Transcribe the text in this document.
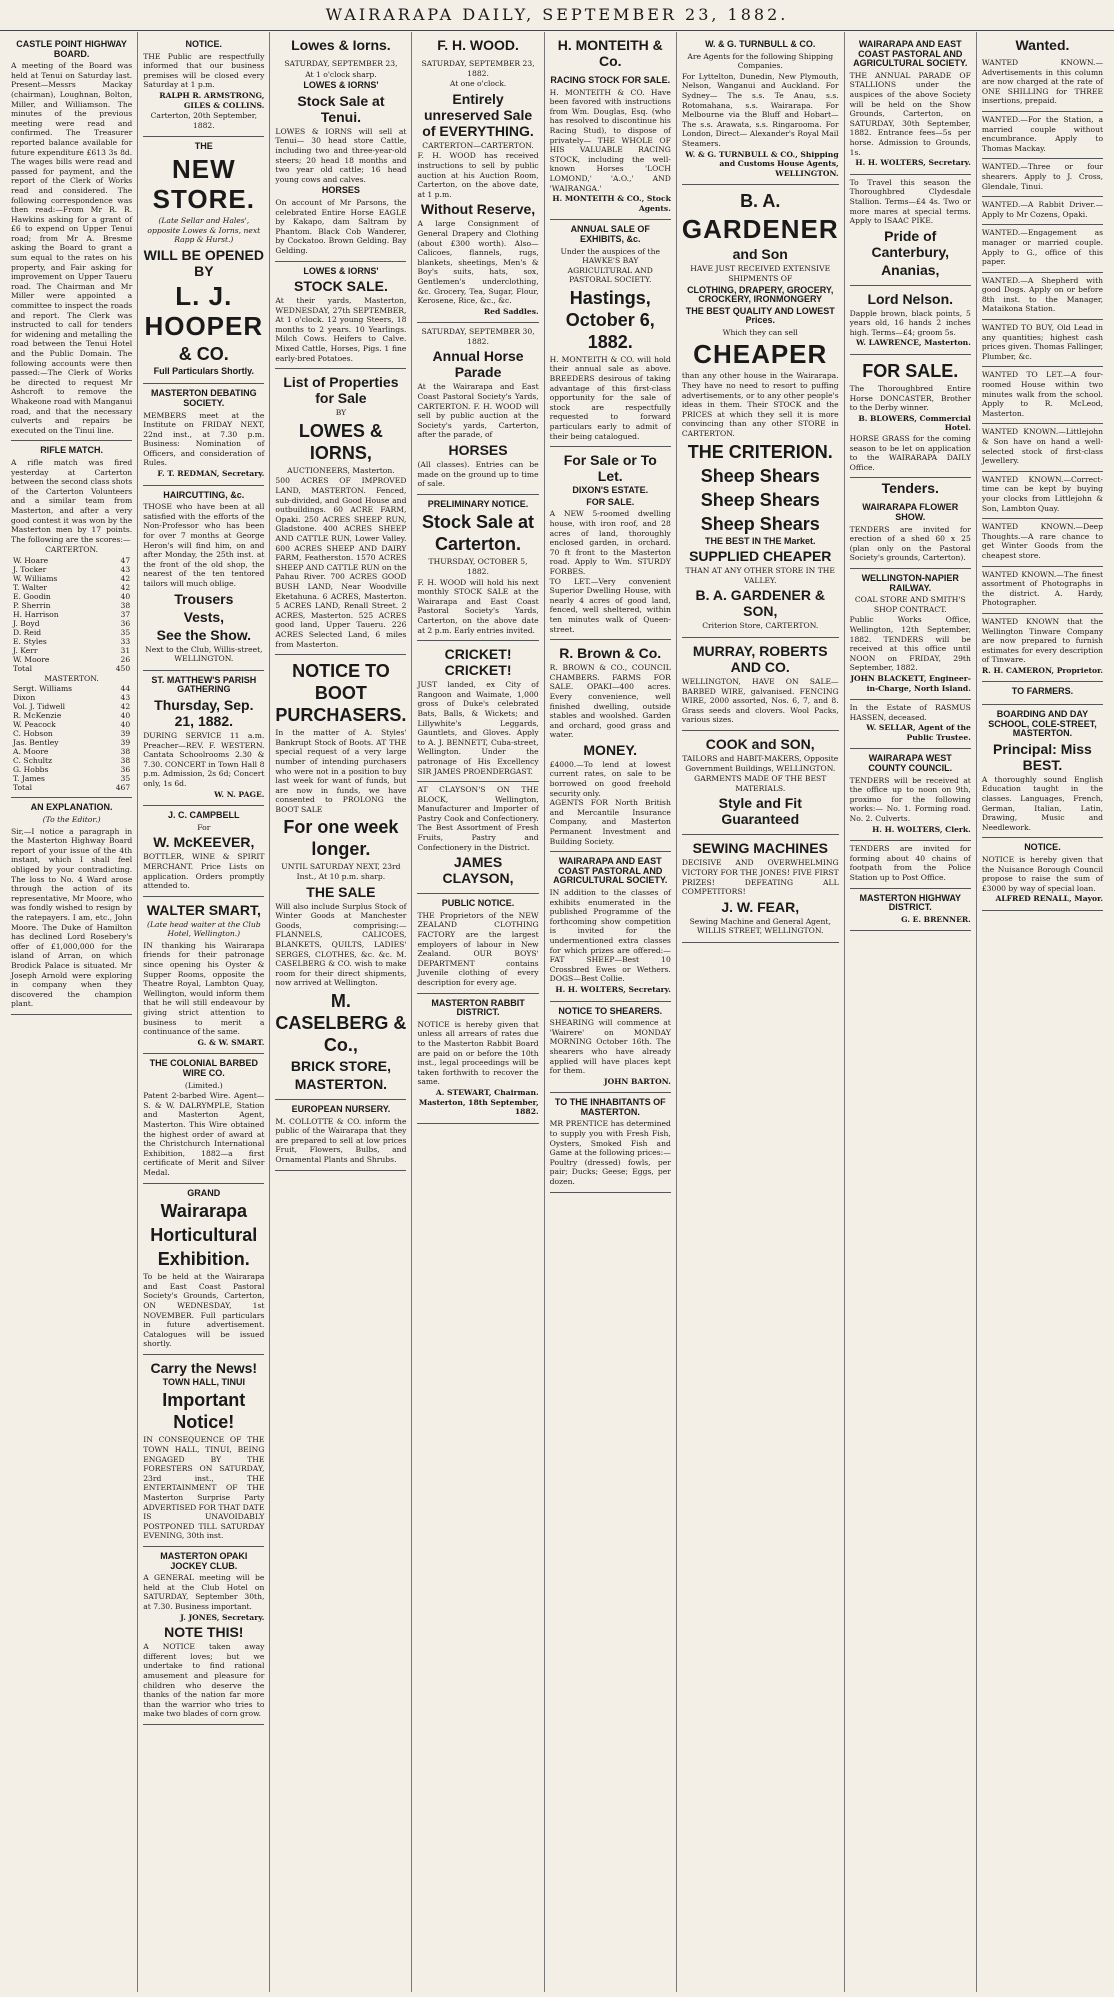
WAIRARAPA DAILY, SEPTEMBER 23, 1882.
CASTLE POINT HIGHWAY BOARD.

A meeting of the Board was held at Tenui on Saturday last. Present—Messrs Mackay (chairman), Loughnan, Bolton, Miller, and Williamson. The minutes of the previous meeting were read and confirmed. The Treasurer reported balance available for future expenditure £613 3s 8d. The wages bills were read and passed for payment, and the report of the Clerk of Works read and considered. The following correspondence was then read:—From Mr R. R. Hawkins asking for a grant of £6 to expend on Upper Tenui road; from Mr A. Bresme asking the Board to grant a sum equal to the rates on his property, and Fair asking for improvement on Upper Taueru road. The Chairman and Mr Miller were appointed a committee to inspect the roads and report. The Clerk was instructed to call for tenders for widening and metalling the road between the Tenui Hotel and the Public Domain. The following accounts were then passed:—The Clerk of Works be directed to request Mr Ashcroft to remove the Whakeone road with Manganui road, and that the necessary culverts and repairs be executed on the Tinui line.

RIFLE MATCH.

A rifle match was fired yesterday at Carterton between the second class shots of the Carterton Volunteers and a similar team from Masterton, and after a very good contest it was won by the Masterton men by 17 points. The following are the scores:—

CARTERTON.
W. Hoare	47
J. Tocker	43
W. Williams	42
T. Walter	42
E. Goodin	40
P. Sherrin	38
H. Harrison	37
J. Boyd	36
D. Reid	35
E. Styles	33
J. Kerr	31
W. Moore	26
Total	450
MASTERTON.
Sergt. Williams	44
Dixon	43
Vol. J. Tidwell	42
R. McKenzie	40
W. Peacock	40
C. Hobson	39
Jas. Bentley	39
A. Moore	38
C. Schultz	38
G. Hobbs	36
T. James	35
Total	467
AN EXPLANATION.
(To the Editor.)

Sir,—I notice a paragraph in the Masterton Highway Board report of your issue of the 4th instant, which I shall feel obliged by your contradicting. The loss to No. 4 Ward arose through the action of its representative, Mr Moore, who was fondly wished to resign by the ratepayers. I am, etc., John Moore. The Duke of Hamilton has declined Lord Rosebery's offer of £1,000,000 for the island of Arran, on which Brodick Palace is situated. Mr Joseph Arnold were exploring in company when they discovered the champion plant.

NOTICE.

THE Public are respectfully informed that our business premises will be closed every Saturday at 1 p.m.

RALPH R. ARMSTRONG, GILES & COLLINS.
Carterton, 20th September, 1882.
THE
NEW STORE.
(Late Sellar and Hales', opposite Lowes & Iorns, next Rapp & Hurst.)
WILL BE OPENED BY
L. J. HOOPER
& CO.
Full Particulars Shortly.
MASTERTON DEBATING SOCIETY.

MEMBERS meet at the Institute on FRIDAY NEXT, 22nd inst., at 7.30 p.m. Business: Nomination of Officers, and consideration of Rules.

F. T. REDMAN, Secretary.
HAIRCUTTING, &c.

THOSE who have been at all satisfied with the efforts of the Non-Professor who has been for over 7 months at George Heron's will find him, on and after Monday, the 25th inst. at the front of the old shop, the nearest of the ten tentored tailors will much oblige.

Trousers
Vests,
See the Show.
Next to the Club, Willis-street, WELLINGTON.
ST. MATTHEW'S PARISH GATHERING
Thursday, Sep. 21, 1882.

DURING SERVICE 11 a.m. Preacher—REV. F. WESTERN. Cantata Schoolrooms 2.30 & 7.30. CONCERT in Town Hall 8 p.m. Admission, 2s 6d; Concert only, 1s 6d.

W. N. PAGE.
J. C. CAMPBELL
For
W. McKEEVER,

BOTTLER, WINE & SPIRIT MERCHANT. Price Lists on application. Orders promptly attended to.

WALTER SMART,
(Late head waiter at the Club Hotel, Wellington.)

IN thanking his Wairarapa friends for their patronage since opening his Oyster & Supper Rooms, opposite the Theatre Royal, Lambton Quay, Wellington, would inform them that he will still endeavour by giving strict attention to business to merit a continuance of the same.

G. & W. SMART.
THE COLONIAL BARBED WIRE CO.
(Limited.)

Patent 2-barbed Wire. Agent—S. & W. DALRYMPLE, Station and Masterton Agent, Masterton. This Wire obtained the highest order of award at the Christchurch International Exhibition, 1882—a first certificate of Merit and Silver Medal.

GRAND
Wairarapa
Horticultural
Exhibition.

To be held at the Wairarapa and East Coast Pastoral Society's Grounds, Carterton, ON WEDNESDAY, 1st NOVEMBER. Full particulars in future advertisement. Catalogues will be issued shortly.

Carry the News!
TOWN HALL, TINUI
Important Notice!

IN CONSEQUENCE OF THE TOWN HALL, TINUI, BEING ENGAGED BY THE FORESTERS ON SATURDAY, 23rd inst., THE ENTERTAINMENT OF THE Masterton Surprise Party ADVERTISED FOR THAT DATE IS UNAVOIDABLY POSTPONED TILL SATURDAY EVENING, 30th inst.

MASTERTON OPAKI JOCKEY CLUB.

A GENERAL meeting will be held at the Club Hotel on SATURDAY, September 30th, at 7.30. Business important.

J. JONES, Secretary.
NOTE THIS!

A NOTICE taken away different loves; but we undertake to find rational amusement and pleasure for children who deserve the thanks of the nation far more than the warrior who tries to make two blades of corn grow.

Lowes & Iorns.
SATURDAY, SEPTEMBER 23,
At 1 o'clock sharp.
LOWES & IORNS'
Stock Sale at Tenui.

LOWES & IORNS will sell at Tenui— 30 head store Cattle, including two and three-year-old steers; 20 head 18 months and two year old cattle; 16 head young cows and calves.

HORSES

On account of Mr Parsons, the celebrated Entire Horse EAGLE by Kakapo, dam Saltram by Phantom. Black Cob Wanderer, by Cockatoo. Brown Gelding. Bay Gelding.

LOWES & IORNS'
STOCK SALE.

At their yards, Masterton, WEDNESDAY, 27th SEPTEMBER, At 1 o'clock. 12 young Steers, 18 months to 2 years. 10 Yearlings. Milch Cows. Heifers to Calve. Mixed Cattle, Horses, Pigs. 1 fine early-bred Potatoes.

List of Properties for Sale
BY
LOWES & IORNS,
AUCTIONEERS, Masterton.

500 ACRES OF IMPROVED LAND, MASTERTON. Fenced, sub-divided, and Good House and outbuildings. 60 ACRE FARM, Opaki. 250 ACRES SHEEP RUN, Gladstone. 400 ACRES SHEEP AND CATTLE RUN, Lower Valley. 600 ACRES SHEEP AND DAIRY FARM, Featherston. 1570 ACRES SHEEP AND CATTLE RUN on the Pahau River. 700 ACRES GOOD BUSH LAND, Near Woodville Eketahuna. 6 ACRES, Masterton. 5 ACRES LAND, Renall Street. 2 ACRES, Masterton. 525 ACRES good land, Upper Taueru. 226 ACRES Selected Land, 6 miles from Masterton.

NOTICE TO BOOT PURCHASERS.

In the matter of A. Styles' Bankrupt Stock of Boots. AT THE special request of a very large number of intending purchasers who were not in a position to buy last week for want of funds, but are now in funds, we have consented to PROLONG the BOOT SALE

For one week longer.
UNTIL SATURDAY NEXT, 23rd Inst., At 10 p.m. sharp.
THE SALE

Will also include Surplus Stock of Winter Goods at Manchester Goods, comprising:— FLANNELS, CALICOES, BLANKETS, QUILTS, LADIES' SERGES, CLOTHES, &c. &c. M. CASELBERG & CO. wish to make room for their direct shipments, now arrived at Wellington.

M. CASELBERG & Co.,
BRICK STORE,
MASTERTON.
EUROPEAN NURSERY.

M. COLLOTTE & CO. inform the public of the Wairarapa that they are prepared to sell at low prices Fruit, Flowers, Bulbs, and Ornamental Plants and Shrubs.

F. H. WOOD.
SATURDAY, SEPTEMBER 23, 1882.
At one o'clock.
Entirely unreserved Sale of EVERYTHING.
CARTERTON—CARTERTON.

F. H. WOOD has received instructions to sell by public auction at his Auction Room, Carterton, on the above date, at 1 p.m.

Without Reserve,

A large Consignment of General Drapery and Clothing (about £300 worth). Also— Calicoes, flannels, rugs, blankets, sheetings, Men's & Boy's suits, hats, sox, Gentlemen's underclothing, &c. Grocery, Tea, Sugar, Flour, Kerosene, Rice, &c., &c.

Red Saddles.
SATURDAY, SEPTEMBER 30, 1882.
Annual Horse Parade

At the Wairarapa and East Coast Pastoral Society's Yards, CARTERTON. F. H. WOOD will sell by public auction at the Society's yards, Carterton, after the parade, of

HORSES

(All classes). Entries can be made on the ground up to time of sale.

PRELIMINARY NOTICE.
Stock Sale at Carterton.
THURSDAY, OCTOBER 5, 1882.

F. H. WOOD will hold his next monthly STOCK SALE at the Wairarapa and East Coast Pastoral Society's Yards, Carterton, on the above date at 2 p.m. Early entries invited.

CRICKET! CRICKET!

JUST landed, ex City of Rangoon and Waimate, 1,000 gross of Duke's celebrated Bats, Balls, & Wickets; and Lillywhite's Leggards, Gauntlets, and Gloves. Apply to A. J. BENNETT, Cuba-street, Wellington. Under the patronage of His Excellency SIR JAMES PROENDERGAST.

AT CLAYSON'S ON THE BLOCK, Wellington, Manufacturer and Importer of Pastry Cook and Confectionery. The Best Assortment of Fresh Fruits, Pastry and Confectionery in the District.

JAMES CLAYSON,
PUBLIC NOTICE.

THE Proprietors of the NEW ZEALAND CLOTHING FACTORY are the largest employers of labour in New Zealand. OUR BOYS' DEPARTMENT contains Juvenile clothing of every description for every age.

MASTERTON RABBIT DISTRICT.

NOTICE is hereby given that unless all arrears of rates due to the Masterton Rabbit Board are paid on or before the 10th inst., legal proceedings will be taken forthwith to recover the same.

A. STEWART, Chairman. Masterton, 18th September, 1882.
H. MONTEITH & Co.
RACING STOCK FOR SALE.

H. MONTEITH & CO. Have been favored with instructions from Wm. Douglas, Esq. (who has resolved to discontinue his Racing Stud), to dispose of privately— THE WHOLE OF HIS VALUABLE RACING STOCK, including the well-known Horses 'LOCH LOMOND,' 'A.O.,' AND 'WAIRANGA.'

H. MONTEITH & CO., Stock Agents.
ANNUAL SALE OF EXHIBITS, &c.
Under the auspices of the HAWKE'S BAY AGRICULTURAL AND PASTORAL SOCIETY.
Hastings, October 6, 1882.

H. MONTEITH & CO. will hold their annual sale as above. BREEDERS desirous of taking advantage of this first-class opportunity for the sale of stock are respectfully requested to forward particulars early to admit of their being catalogued.

For Sale or To Let.
DIXON'S ESTATE.
FOR SALE.

A NEW 5-roomed dwelling house, with iron roof, and 28 acres of land, thoroughly enclosed garden, in orchard. 70 ft front to the Masterton road. Apply to Wm. STURDY FORBES.

TO LET.—Very convenient Superior Dwelling House, with nearly 4 acres of good land, fenced, well sheltered, within ten minutes walk of Queen-street.

R. Brown & Co.

R. BROWN & CO., COUNCIL CHAMBERS. FARMS FOR SALE. OPAKI—400 acres. Every convenience, well finished dwelling, outside stables and woolshed. Garden and orchard, good grass and water.

MONEY.

£4000.—To lend at lowest current rates, on sale to be borrowed on good freehold security only.

AGENTS FOR North British and Mercantile Insurance Company, and Masterton Permanent Investment and Building Society.

WAIRARAPA AND EAST COAST PASTORAL AND AGRICULTURAL SOCIETY.

IN addition to the classes of exhibits enumerated in the published Programme of the forthcoming show competition is invited for the undermentioned extra classes for which prizes are offered:— FAT SHEEP—Best 10 Crossbred Ewes or Wethers. DOGS—Best Collie.

H. H. WOLTERS, Secretary.
NOTICE TO SHEARERS.

SHEARING will commence at 'Wairere' on MONDAY MORNING October 16th. The shearers who have already applied will have places kept for them.

JOHN BARTON.
TO THE INHABITANTS OF MASTERTON.

MR PRENTICE has determined to supply you with Fresh Fish, Oysters, Smoked Fish and Game at the following prices:— Poultry (dressed) fowls, per pair; Ducks; Geese; Eggs, per dozen.

W. & G. TURNBULL & CO.
Are Agents for the following Shipping Companies.

For Lyttelton, Dunedin, New Plymouth, Nelson, Wanganui and Auckland. For Sydney— The s.s. Te Anau, s.s. Rotomahana, s.s. Wairarapa. For Melbourne via the Bluff and Hobart—The s.s. Arawata, s.s. Ringarooma. For London, Direct— Alexander's Royal Mail Steamers.

W. & G. TURNBULL & CO., Shipping and Customs House Agents, WELLINGTON.
B. A.
GARDENER
and Son
HAVE JUST RECEIVED EXTENSIVE SHIPMENTS OF
CLOTHING, DRAPERY, GROCERY, CROCKERY, IRONMONGERY
THE BEST QUALITY AND LOWEST Prices.
Which they can sell
CHEAPER

than any other house in the Wairarapa. They have no need to resort to puffing advertisements, or to any other people's ideas in them. Their STOCK and the PRICES at which they sell it is more convincing than any other STORE in CARTERTON.

THE CRITERION.
Sheep Shears
Sheep Shears
Sheep Shears
THE BEST IN THE Market.
SUPPLIED CHEAPER
THAN AT ANY OTHER STORE IN THE VALLEY.
B. A. GARDENER & SON,
Criterion Store, CARTERTON.
MURRAY, ROBERTS AND CO.

WELLINGTON, HAVE ON SALE— BARBED WIRE, galvanised. FENCING WIRE, 2000 assorted, Nos. 6, 7, and 8. Grass seeds and clovers. Wool Packs, various sizes.

COOK and SON,
TAILORS and HABIT-MAKERS, Opposite Government Buildings, WELLINGTON.
GARMENTS MADE OF THE BEST MATERIALS.
Style and Fit Guaranteed
SEWING MACHINES

DECISIVE AND OVERWHELMING VICTORY FOR THE JONES! FIVE FIRST PRIZES! DEFEATING ALL COMPETITORS!

J. W. FEAR,
Sewing Machine and General Agent, WILLIS STREET, WELLINGTON.
WAIRARAPA AND EAST COAST PASTORAL AND AGRICULTURAL SOCIETY.

THE ANNUAL PARADE OF STALLIONS under the auspices of the above Society will be held on the Show Grounds, Carterton, on SATURDAY, 30th September, 1882. Entrance fees—5s per horse. Admission to Grounds, 1s.

H. H. WOLTERS, Secretary.

To Travel this season the Thoroughbred Clydesdale Stallion. Terms—£4 4s. Two or more mares at special terms. Apply to ISAAC PIKE.

Pride of Canterbury,
Ananias,
Lord Nelson.

Dapple brown, black points, 5 years old, 16 hands 2 inches high. Terms—£4; groom 5s.

W. LAWRENCE, Masterton.
FOR SALE.

The Thoroughbred Entire Horse DONCASTER, Brother to the Derby winner.

B. BLOWERS, Commercial Hotel.

HORSE GRASS for the coming season to be let on application to the WAIRARAPA DAILY Office.

Tenders.
WAIRARAPA FLOWER SHOW.

TENDERS are invited for erection of a shed 60 x 25 (plan only on the Pastoral Society's grounds, Carterton).

WELLINGTON-NAPIER RAILWAY.
COAL STORE AND SMITH'S SHOP CONTRACT.

Public Works Office, Wellington, 12th September, 1882. TENDERS will be received at this office until NOON on FRIDAY, 29th September, 1882.

JOHN BLACKETT, Engineer-in-Charge, North Island.

In the Estate of RASMUS HASSEN, deceased.

W. SELLAR, Agent of the Public Trustee.
WAIRARAPA WEST COUNTY COUNCIL.

TENDERS will be received at the office up to noon on 9th, proximo for the following works:— No. 1. Forming road. No. 2. Culverts.

H. H. WOLTERS, Clerk.

TENDERS are invited for forming about 40 chains of footpath from the Police Station up to Post Office.

MASTERTON HIGHWAY DISTRICT.
G. E. BRENNER.
Wanted.

WANTED KNOWN.—Advertisements in this column are now charged at the rate of ONE SHILLING for THREE insertions, prepaid.

WANTED.—For the Station, a married couple without encumbrance. Apply to Thomas Mackay.

WANTED.—Three or four shearers. Apply to J. Cross, Glendale, Tinui.

WANTED.—A Rabbit Driver.—Apply to Mr Cozens, Opaki.

WANTED.—Engagement as manager or married couple. Apply to G., office of this paper.

WANTED.—A Shepherd with good Dogs. Apply on or before 8th inst. to the Manager, Mataikona Station.

WANTED TO BUY, Old Lead in any quantities; highest cash prices given. Thomas Fallinger, Plumber, &c.

WANTED TO LET.—A four-roomed House within two minutes walk from the school. Apply to R. McLeod, Masterton.

WANTED KNOWN.—Littlejohn & Son have on hand a well-selected stock of first-class Jewellery.

WANTED KNOWN.—Correct-time can be kept by buying your clocks from Littlejohn & Son, Lambton Quay.

WANTED KNOWN.—Deep Thoughts.—A rare chance to get Winter Goods from the cheapest store.

WANTED KNOWN.—The finest assortment of Photographs in the district. A. Hardy, Photographer.

WANTED KNOWN that the Wellington Tinware Company are now prepared to furnish estimates for every description of Tinware.

R. H. CAMERON, Proprietor.
TO FARMERS.
BOARDING AND DAY SCHOOL, COLE-STREET, MASTERTON.
Principal: Miss BEST.

A thoroughly sound English Education taught in the classes. Languages, French, German, Italian, Latin, Drawing, Music and Needlework.

NOTICE.

NOTICE is hereby given that the Nuisance Borough Council propose to raise the sum of £3000 by way of special loan.

ALFRED RENALL, Mayor.
